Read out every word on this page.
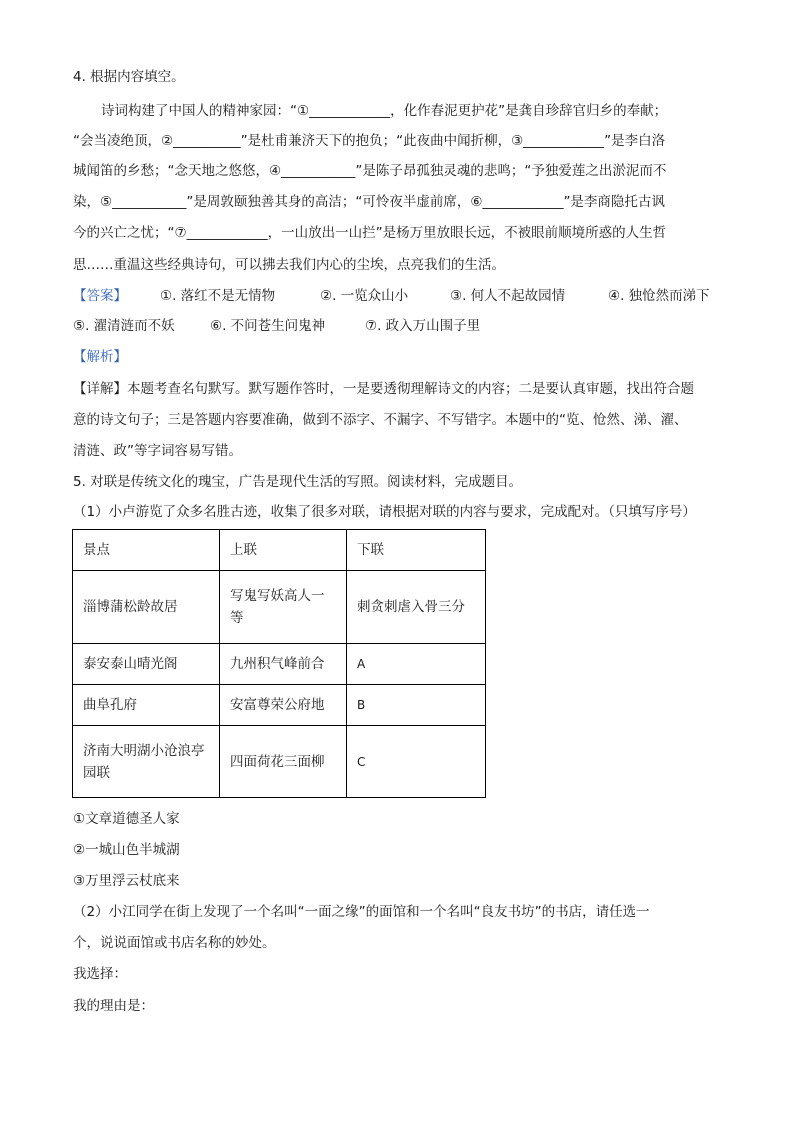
4. 根据内容填空。
诗词构建了中国人的精神家园：“①____________，化作春泥更护花”是龚自珍辞官归乡的奉献；
“会当凌绝顶，②__________”是杜甫兼济天下的抱负；“此夜曲中闻折柳，③____________”是李白洛
城闻笛的乡愁；“念天地之悠悠，④___________”是陈子昂孤独灵魂的悲鸣；“予独爱莲之出淤泥而不
染，⑤___________”是周敦颐独善其身的高洁；“可怜夜半虚前席，⑥____________”是李商隐托古讽
今的兴亡之忧；“⑦____________，一山放出一山拦”是杨万里放眼长远，不被眼前顺境所惑的人生哲
思……重温这些经典诗句，可以拂去我们内心的尘埃，点亮我们的生活。
【答案】 ①. 落红不是无情物	②. 一览众山小	③. 何人不起故园情	④. 独怆然而涕下
⑤. 濯清涟而不妖	⑥. 不问苍生问鬼神	⑦. 政入万山围子里
【解析】
【详解】本题考查名句默写。默写题作答时，一是要透彻理解诗文的内容；二是要认真审题，找出符合题
意的诗文句子；三是答题内容要准确，做到不添字、不漏字、不写错字。本题中的“览、怆然、涕、濯、
清涟、政”等字词容易写错。
5. 对联是传统文化的瑰宝，广告是现代生活的写照。阅读材料，完成题目。
（1）小卢游览了众多名胜古迹，收集了很多对联，请根据对联的内容与要求，完成配对。（只填写序号）
景点	上联	下联
淄博蒲松龄故居	写鬼写妖高人一等	刺贪刺虐入骨三分
泰安泰山晴光阁	九州积气峰前合	A
曲阜孔府	安富尊荣公府地	B
济南大明湖小沧浪亭园联	四面荷花三面柳	C
①文章道德圣人家
②一城山色半城湖
③万里浮云杖底来
（2）小江同学在街上发现了一个名叫“一面之缘”的面馆和一个名叫“良友书坊”的书店，请任选一
个，说说面馆或书店名称的妙处。
我选择：
我的理由是：
